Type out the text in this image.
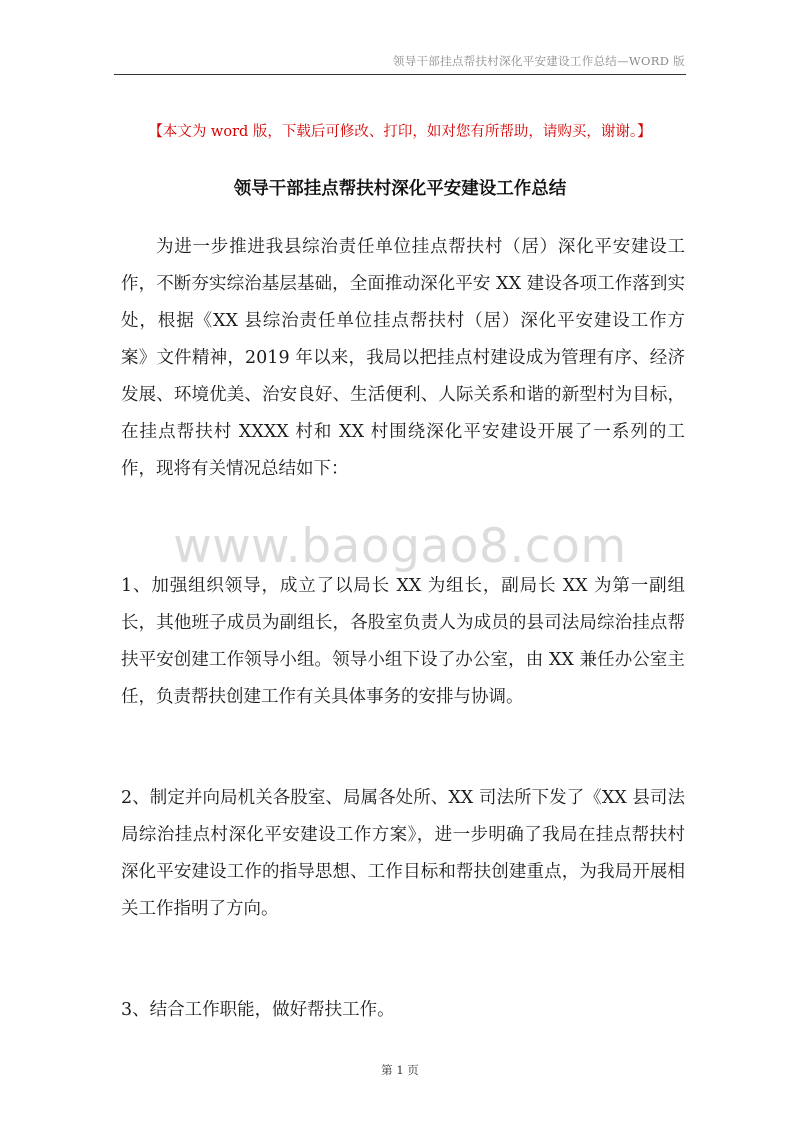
领导干部挂点帮扶村深化平安建设工作总结—WORD 版
【本文为 word 版，下载后可修改、打印，如对您有所帮助，请购买，谢谢。】
领导干部挂点帮扶村深化平安建设工作总结
为进一步推进我县综治责任单位挂点帮扶村（居）深化平安建设工作，不断夯实综治基层基础，全面推动深化平安 XX 建设各项工作落到实处，根据《XX 县综治责任单位挂点帮扶村（居）深化平安建设工作方案》文件精神，2019 年以来，我局以把挂点村建设成为管理有序、经济发展、环境优美、治安良好、生活便利、人际关系和谐的新型村为目标，在挂点帮扶村 XXXX 村和 XX 村围绕深化平安建设开展了一系列的工作，现将有关情况总结如下：
www.baogao8.com
1、加强组织领导，成立了以局长 XX 为组长，副局长 XX 为第一副组长，其他班子成员为副组长，各股室负责人为成员的县司法局综治挂点帮扶平安创建工作领导小组。领导小组下设了办公室，由 XX 兼任办公室主任，负责帮扶创建工作有关具体事务的安排与协调。
2、制定并向局机关各股室、局属各处所、XX 司法所下发了《XX 县司法局综治挂点村深化平安建设工作方案》，进一步明确了我局在挂点帮扶村深化平安建设工作的指导思想、工作目标和帮扶创建重点，为我局开展相关工作指明了方向。
3、结合工作职能，做好帮扶工作。
第 1 页
